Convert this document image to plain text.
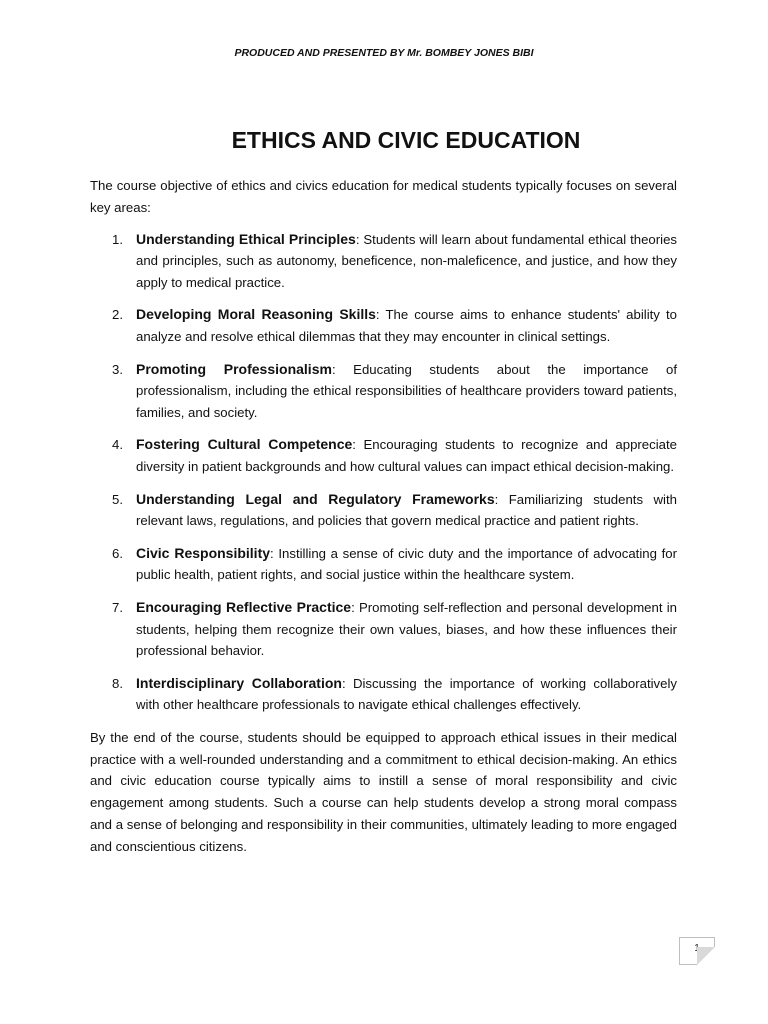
PRODUCED AND PRESENTED BY Mr. BOMBEY JONES BIBI
ETHICS AND CIVIC EDUCATION

The course objective of ethics and civics education for medical students typically focuses on several key areas:

1. Understanding Ethical Principles: Students will learn about fundamental ethical theories and principles, such as autonomy, beneficence, non-maleficence, and justice, and how they apply to medical practice.
2. Developing Moral Reasoning Skills: The course aims to enhance students' ability to analyze and resolve ethical dilemmas that they may encounter in clinical settings.
3. Promoting Professionalism: Educating students about the importance of professionalism, including the ethical responsibilities of healthcare providers toward patients, families, and society.
4. Fostering Cultural Competence: Encouraging students to recognize and appreciate diversity in patient backgrounds and how cultural values can impact ethical decision-making.
5. Understanding Legal and Regulatory Frameworks: Familiarizing students with relevant laws, regulations, and policies that govern medical practice and patient rights.
6. Civic Responsibility: Instilling a sense of civic duty and the importance of advocating for public health, patient rights, and social justice within the healthcare system.
7. Encouraging Reflective Practice: Promoting self-reflection and personal development in students, helping them recognize their own values, biases, and how these influences their professional behavior.
8. Interdisciplinary Collaboration: Discussing the importance of working collaboratively with other healthcare professionals to navigate ethical challenges effectively.

By the end of the course, students should be equipped to approach ethical issues in their medical practice with a well-rounded understanding and a commitment to ethical decision-making. An ethics and civic education course typically aims to instill a sense of moral responsibility and civic engagement among students. Such a course can help students develop a strong moral compass and a sense of belonging and responsibility in their communities, ultimately leading to more engaged and conscientious citizens.

1
